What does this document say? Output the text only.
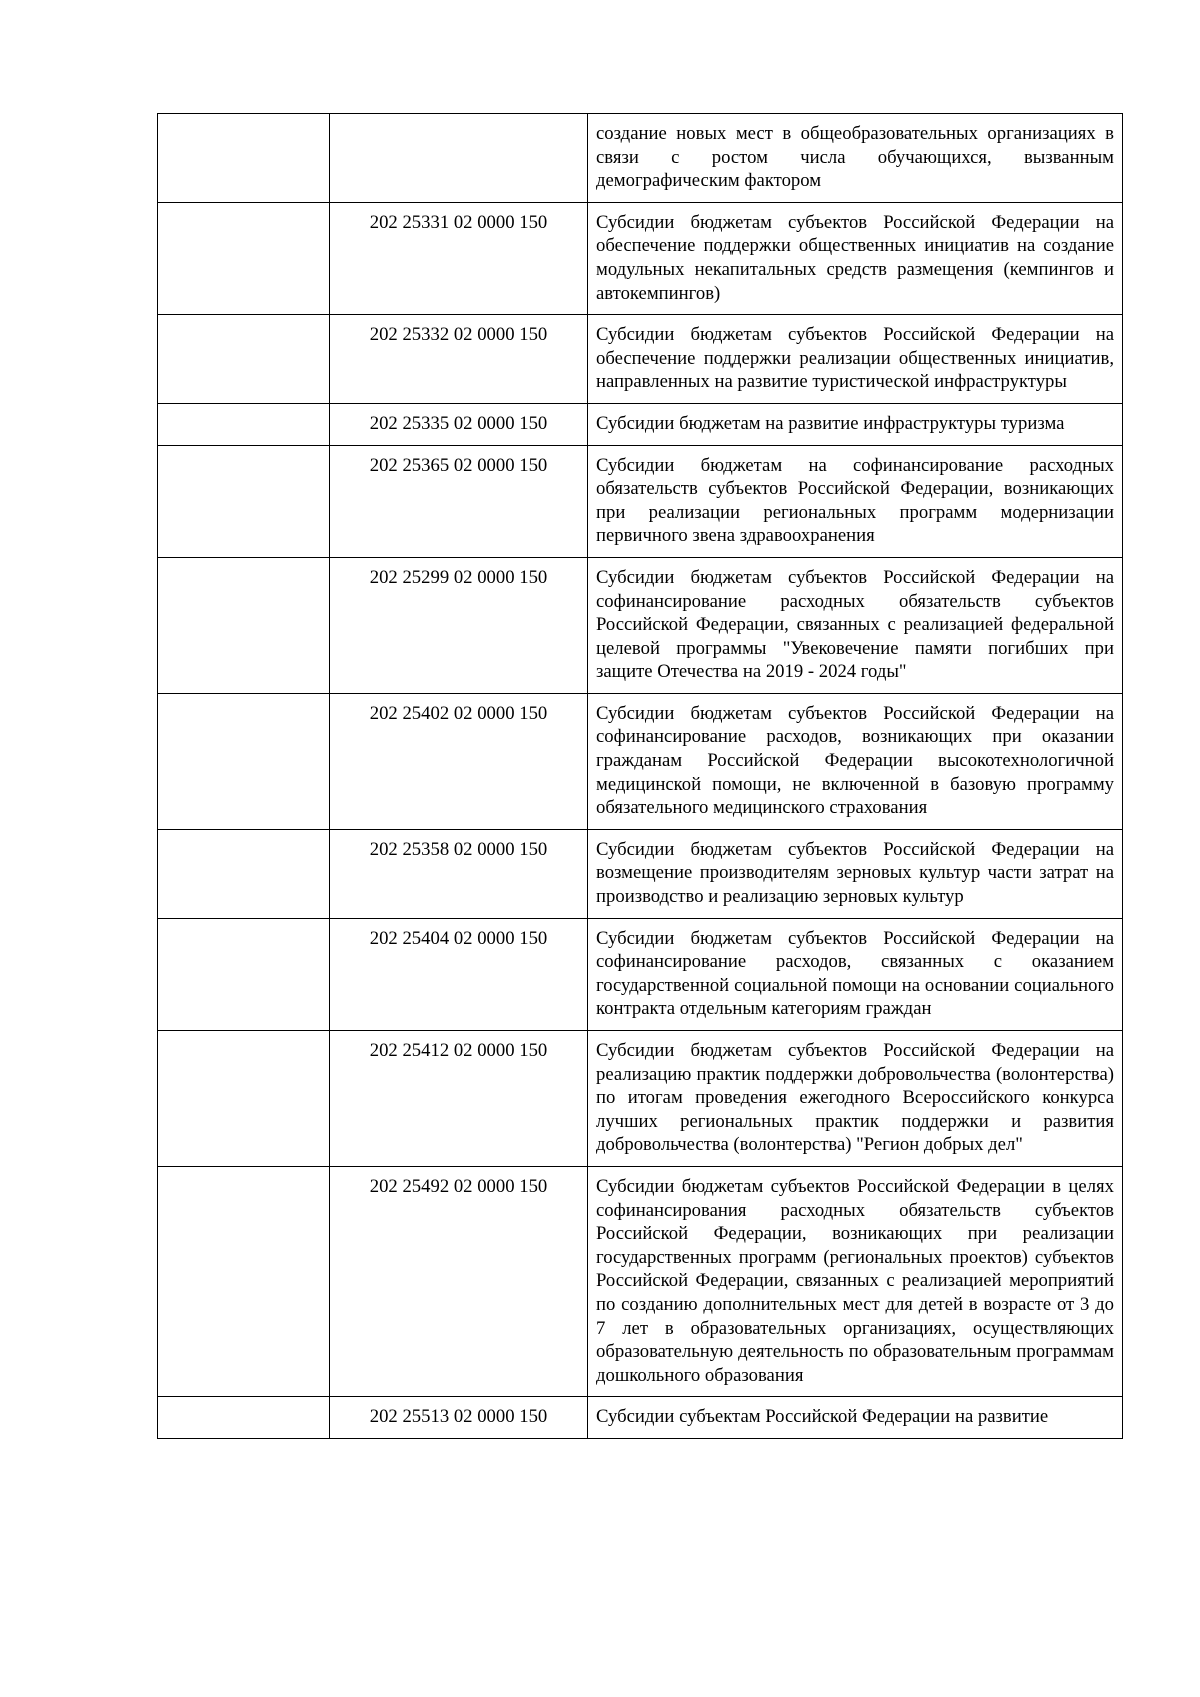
		создание новых мест в общеобразовательных организациях в связи с ростом числа обучающихся, вызванным демографическим фактором
	202 25331 02 0000 150	Субсидии бюджетам субъектов Российской Федерации на обеспечение поддержки общественных инициатив на создание модульных некапитальных средств размещения (кемпингов и автокемпингов)
	202 25332 02 0000 150	Субсидии бюджетам субъектов Российской Федерации на обеспечение поддержки реализации общественных инициатив, направленных на развитие туристической инфраструктуры
	202 25335 02 0000 150	Субсидии бюджетам на развитие инфраструктуры туризма
	202 25365 02 0000 150	Субсидии бюджетам на софинансирование расходных обязательств субъектов Российской Федерации, возникающих при реализации региональных программ модернизации первичного звена здравоохранения
	202 25299 02 0000 150	Субсидии бюджетам субъектов Российской Федерации на софинансирование расходных обязательств субъектов Российской Федерации, связанных с реализацией федеральной целевой программы "Увековечение памяти погибших при защите Отечества на 2019 - 2024 годы"
	202 25402 02 0000 150	Субсидии бюджетам субъектов Российской Федерации на софинансирование расходов, возникающих при оказании гражданам Российской Федерации высокотехнологичной медицинской помощи, не включенной в базовую программу обязательного медицинского страхования
	202 25358 02 0000 150	Субсидии бюджетам субъектов Российской Федерации на возмещение производителям зерновых культур части затрат на производство и реализацию зерновых культур
	202 25404 02 0000 150	Субсидии бюджетам субъектов Российской Федерации на софинансирование расходов, связанных с оказанием государственной социальной помощи на основании социального контракта отдельным категориям граждан
	202 25412 02 0000 150	Субсидии бюджетам субъектов Российской Федерации на реализацию практик поддержки добровольчества (волонтерства) по итогам проведения ежегодного Всероссийского конкурса лучших региональных практик поддержки и развития добровольчества (волонтерства) "Регион добрых дел"
	202 25492 02 0000 150	Субсидии бюджетам субъектов Российской Федерации в целях софинансирования расходных обязательств субъектов Российской Федерации, возникающих при реализации государственных программ (региональных проектов) субъектов Российской Федерации, связанных с реализацией мероприятий по созданию дополнительных мест для детей в возрасте от 3 до 7 лет в образовательных организациях, осуществляющих образовательную деятельность по образовательным программам дошкольного образования
	202 25513 02 0000 150	Субсидии субъектам Российской Федерации на развитие
